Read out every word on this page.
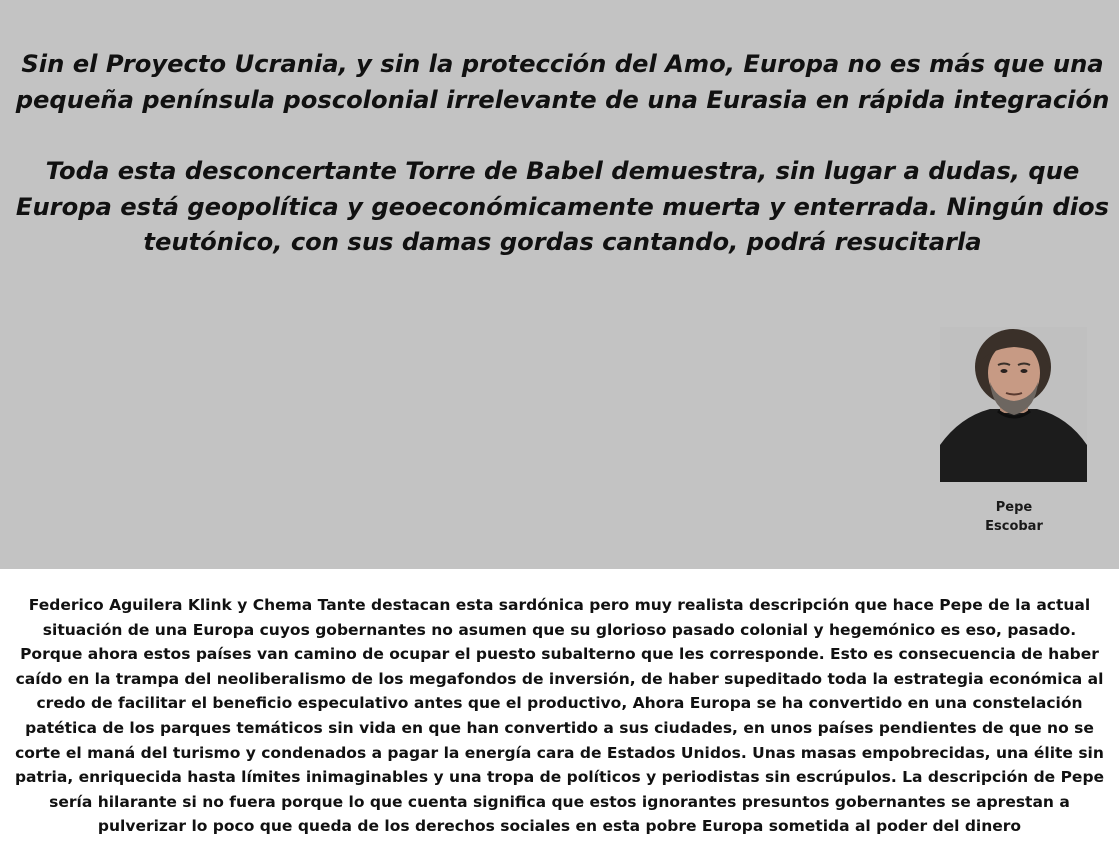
Sin el Proyecto Ucrania, y sin la protección del Amo, Europa no es más que una pequeña península poscolonial irrelevante de una Eurasia en rápida integración

Toda esta desconcertante Torre de Babel demuestra, sin lugar a dudas, que Europa está geopolítica y geoeconómicamente muerta y enterrada. Ningún dios teutónico, con sus damas gordas cantando, podrá resucitarla

Pepe
Escobar

Federico Aguilera Klink y Chema Tante destacan esta sardónica pero muy realista descripción que hace Pepe de la actual situación de una Europa cuyos gobernantes no asumen que su glorioso pasado colonial y hegemónico es eso, pasado. Porque ahora estos países van camino de ocupar el puesto subalterno que les corresponde. Esto es consecuencia de haber caído en la trampa del neoliberalismo de los megafondos de inversión, de haber supeditado toda la estrategia económica al credo de facilitar el beneficio especulativo antes que el productivo, Ahora Europa se ha convertido en una constelación patética de los parques temáticos sin vida en que han convertido a sus ciudades, en unos países pendientes de que no se corte el maná del turismo y condenados a pagar la energía cara de Estados Unidos. Unas masas empobrecidas, una élite sin patria, enriquecida hasta límites inimaginables y una tropa de políticos y periodistas sin escrúpulos. La descripción de Pepe sería hilarante si no fuera porque lo que cuenta significa que estos ignorantes presuntos gobernantes se aprestan a pulverizar lo poco que queda de los derechos sociales en esta pobre Europa sometida al poder del dinero
